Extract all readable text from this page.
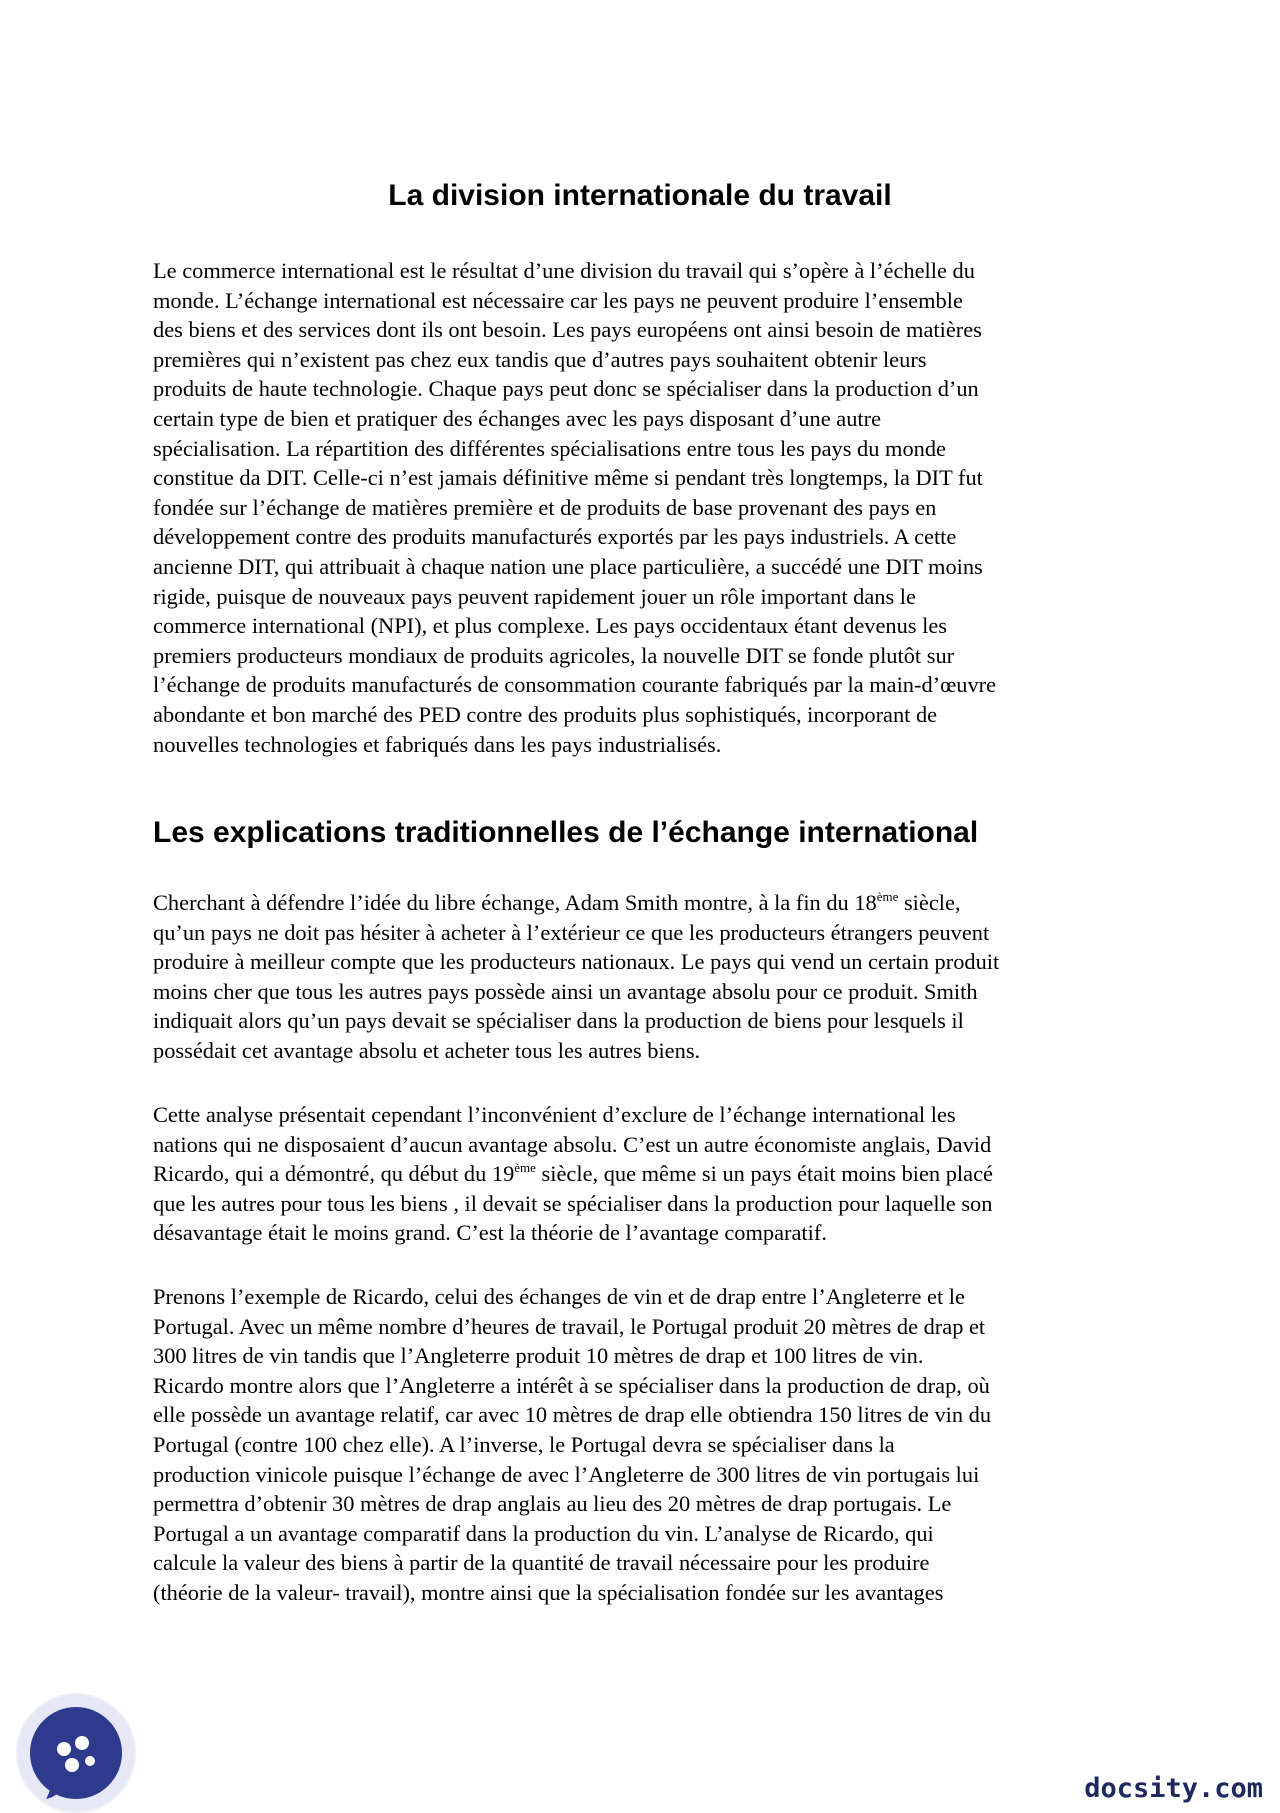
La division internationale du travail

Le commerce international est le résultat d’une division du travail qui s’opère à l’échelle du
monde. L’échange international est nécessaire car les pays ne peuvent produire l’ensemble
des biens et des services dont ils ont besoin. Les pays européens ont ainsi besoin de matières
premières qui n’existent pas chez eux tandis que d’autres pays souhaitent obtenir leurs
produits de haute technologie. Chaque pays peut donc se spécialiser dans la production d’un
certain type de bien et pratiquer des échanges avec les pays disposant d’une autre
spécialisation. La répartition des différentes spécialisations entre tous les pays du monde
constitue da DIT. Celle-ci n’est jamais définitive même si pendant très longtemps, la DIT fut
fondée sur l’échange de matières première et de produits de base provenant des pays en
développement contre des produits manufacturés exportés par les pays industriels. A cette
ancienne DIT, qui attribuait à chaque nation une place particulière, a succédé une DIT moins
rigide, puisque de nouveaux pays peuvent rapidement jouer un rôle important dans le
commerce international (NPI), et plus complexe. Les pays occidentaux étant devenus les
premiers producteurs mondiaux de produits agricoles, la nouvelle DIT se fonde plutôt sur
l’échange de produits manufacturés de consommation courante fabriqués par la main-d’œuvre
abondante et bon marché des PED contre des produits plus sophistiqués, incorporant de
nouvelles technologies et fabriqués dans les pays industrialisés.

Les explications traditionnelles de l’échange international

Cherchant à défendre l’idée du libre échange, Adam Smith montre, à la fin du 18ème siècle,
qu’un pays ne doit pas hésiter à acheter à l’extérieur ce que les producteurs étrangers peuvent
produire à meilleur compte que les producteurs nationaux. Le pays qui vend un certain produit
moins cher que tous les autres pays possède ainsi un avantage absolu pour ce produit. Smith
indiquait alors qu’un pays devait se spécialiser dans la production de biens pour lesquels il
possédait cet avantage absolu et acheter tous les autres biens.

Cette analyse présentait cependant l’inconvénient d’exclure de l’échange international les
nations qui ne disposaient d’aucun avantage absolu. C’est un autre économiste anglais, David
Ricardo, qui a démontré, qu début du 19ème siècle, que même si un pays était moins bien placé
que les autres pour tous les biens , il devait se spécialiser dans la production pour laquelle son
désavantage était le moins grand. C’est la théorie de l’avantage comparatif.

Prenons l’exemple de Ricardo, celui des échanges de vin et de drap entre l’Angleterre et le
Portugal. Avec un même nombre d’heures de travail, le Portugal produit 20 mètres de drap et
300 litres de vin tandis que l’Angleterre produit 10 mètres de drap et 100 litres de vin.
Ricardo montre alors que l’Angleterre a intérêt à se spécialiser dans la production de drap, où
elle possède un avantage relatif, car avec 10 mètres de drap elle obtiendra 150 litres de vin du
Portugal (contre 100 chez elle). A l’inverse, le Portugal devra se spécialiser dans la
production vinicole puisque l’échange de avec l’Angleterre de 300 litres de vin portugais lui
permettra d’obtenir 30 mètres de drap anglais au lieu des 20 mètres de drap portugais. Le
Portugal a un avantage comparatif dans la production du vin. L’analyse de Ricardo, qui
calcule la valeur des biens à partir de la quantité de travail nécessaire pour les produire
(théorie de la valeur- travail), montre ainsi que la spécialisation fondée sur les avantages

docsity.com
